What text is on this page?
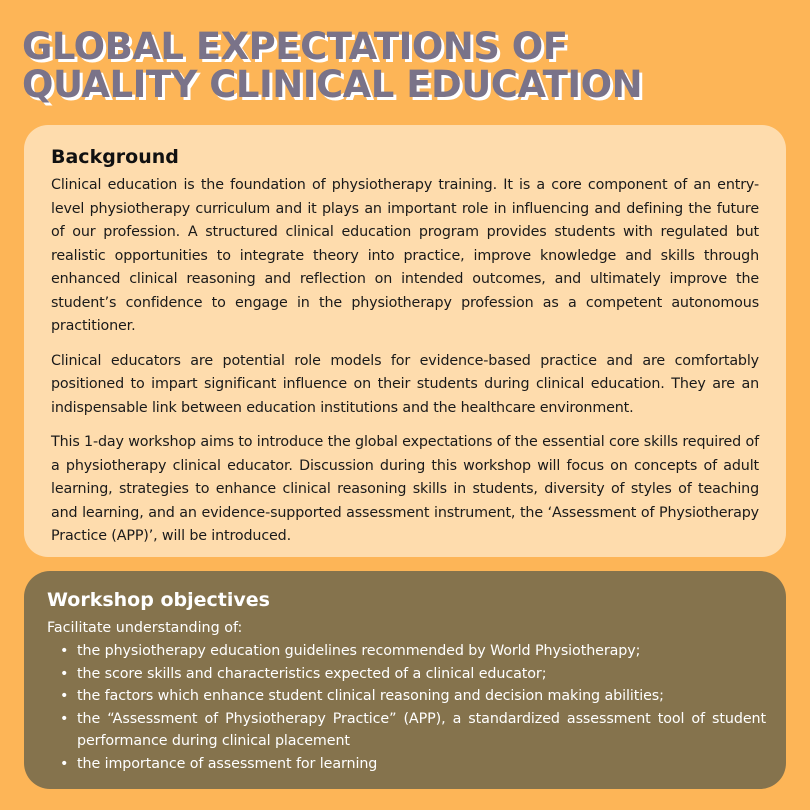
GLOBAL EXPECTATIONS OF
QUALITY CLINICAL EDUCATION
Background

Clinical education is the foundation of physiotherapy training. It is a core component of an entry-level physiotherapy curriculum and it plays an important role in influencing and defining the future of our profession. A structured clinical education program provides students with regulated but realistic opportunities to integrate theory into practice, improve knowledge and skills through enhanced clinical reasoning and reflection on intended outcomes, and ultimately improve the student’s confidence to engage in the physiotherapy profession as a competent autonomous practitioner.

Clinical educators are potential role models for evidence-based practice and are comfortably positioned to impart significant influence on their students during clinical education. They are an indispensable link between education institutions and the healthcare environment.

This 1-day workshop aims to introduce the global expectations of the essential core skills required of a physiotherapy clinical educator. Discussion during this workshop will focus on concepts of adult learning, strategies to enhance clinical reasoning skills in students, diversity of styles of teaching and learning, and an evidence-supported assessment instrument, the ‘Assessment of Physiotherapy Practice (APP)’, will be introduced.

Workshop objectives

Facilitate understanding of:

• the physiotherapy education guidelines recommended by World Physiotherapy;
• the score skills and characteristics expected of a clinical educator;
• the factors which enhance student clinical reasoning and decision making abilities;
• the “Assessment of Physiotherapy Practice” (APP), a standardized assessment tool of student performance during clinical placement
• the importance of assessment for learning
